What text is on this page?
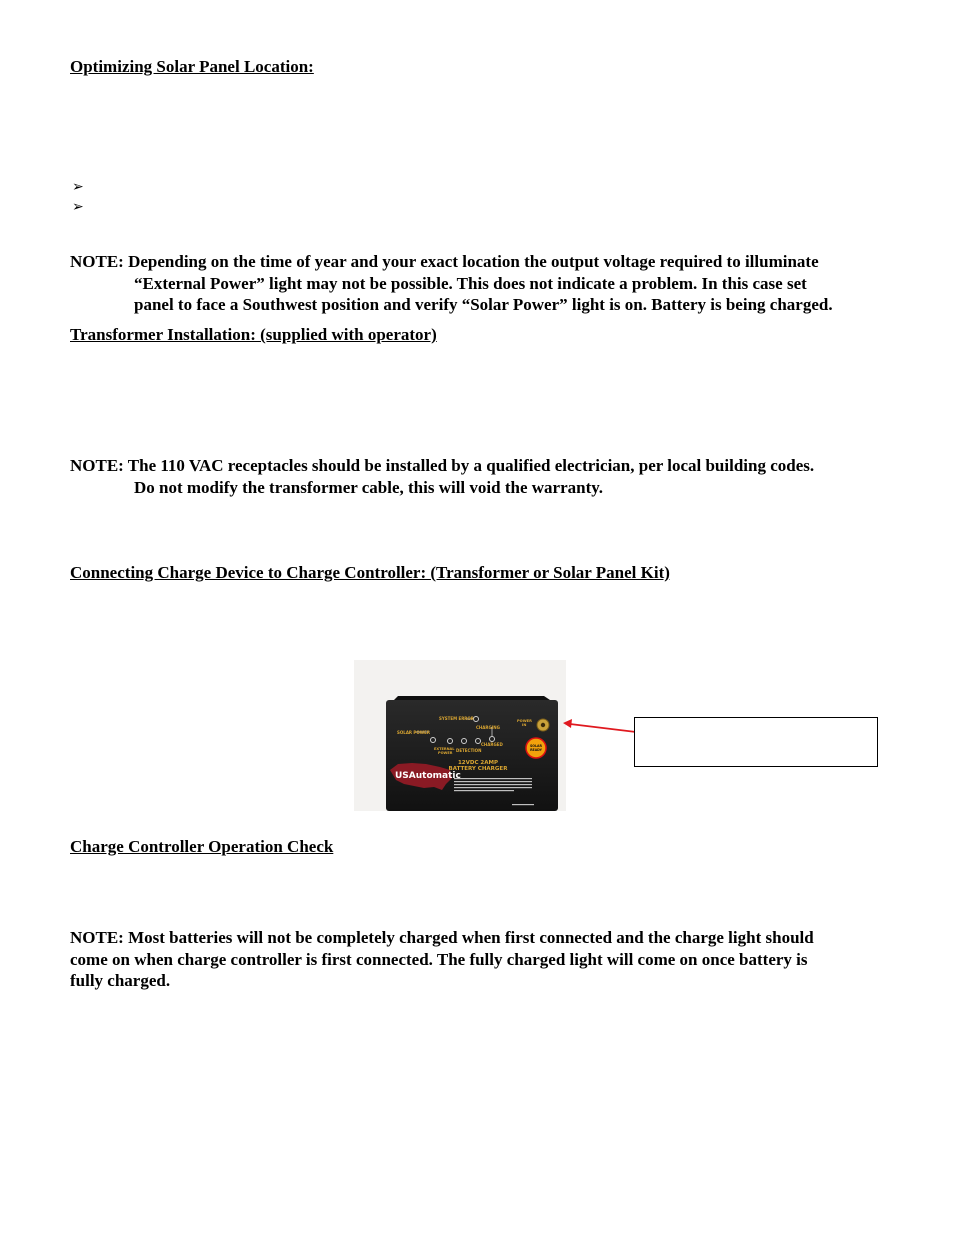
Optimizing Solar Panel Location:
➢
➢
NOTE: Depending on the time of year and your exact location the output voltage required to illuminate
“External Power” light may not be possible. This does not indicate a problem. In this case set
panel to face a Southwest position and verify “Solar Power” light is on. Battery is being charged.
Transformer Installation: (supplied with operator)
NOTE: The 110 VAC receptacles should be installed by a qualified electrician, per local building codes.
Do not modify the transformer cable, this will void the warranty.
Connecting Charge Device to Charge Controller: (Transformer or Solar Panel Kit)
SOLAR
READY
SYSTEM ERROR
SOLAR POWER
CHARGING
EXTERNAL
POWER DETECTION
CHARGED
POWER
IN
12VDC 2AMP
BATTERY CHARGER
USAutomatic
Charge Controller Operation Check
NOTE: Most batteries will not be completely charged when first connected and the charge light should
come on when charge controller is first connected. The fully charged light will come on once battery is
fully charged.
